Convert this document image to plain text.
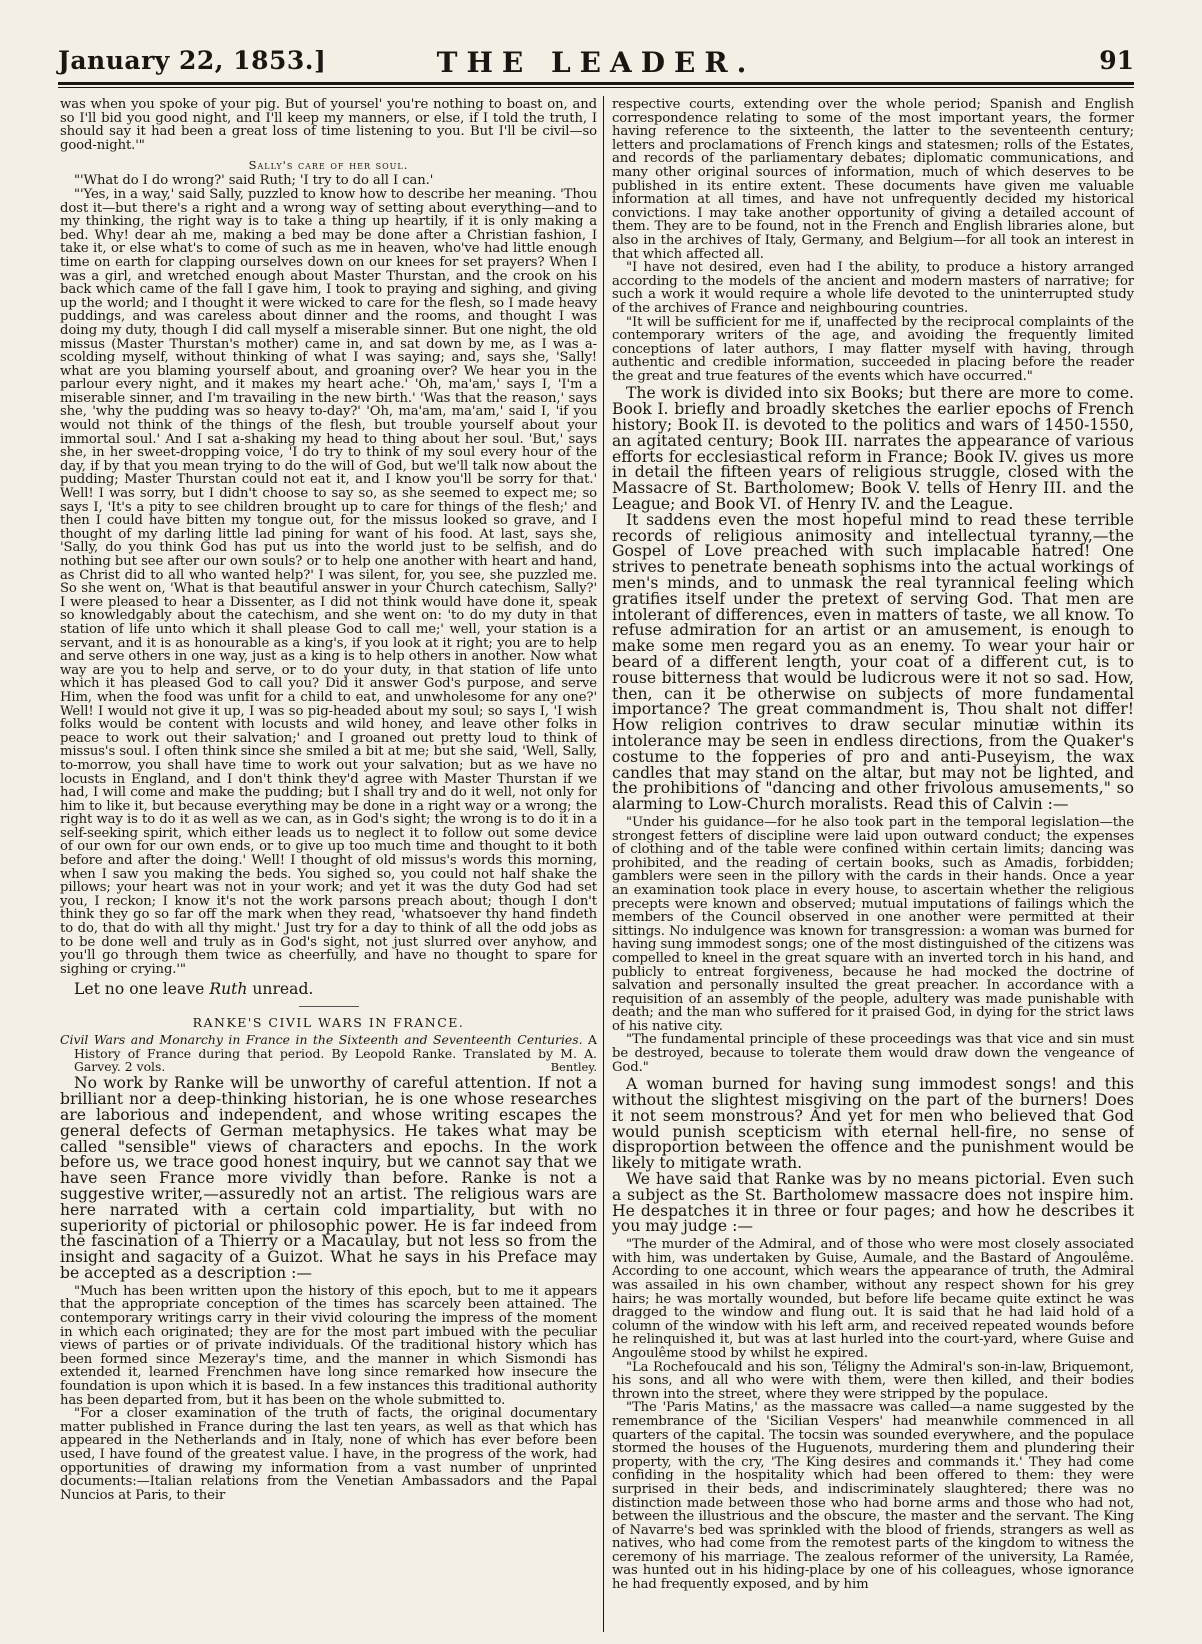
January 22, 1853.]	THE LEADER.	91

was when you spoke of your pig. But of yoursel' you're nothing to boast on, and so I'll bid you good night, and I'll keep my manners, or else, if I told the truth, I should say it had been a great loss of time listening to you. But I'll be civil—so good-night.'"

Sally's care of her soul.

"'What do I do wrong?' said Ruth; 'I try to do all I can.'

"'Yes, in a way,' said Sally, puzzled to know how to describe her meaning. 'Thou dost it—but there's a right and a wrong way of setting about everything—and to my thinking, the right way is to take a thing up heartily, if it is only making a bed. Why! dear ah me, making a bed may be done after a Christian fashion, I take it, or else what's to come of such as me in heaven, who've had little enough time on earth for clapping ourselves down on our knees for set prayers? When I was a girl, and wretched enough about Master Thurstan, and the crook on his back which came of the fall I gave him, I took to praying and sighing, and giving up the world; and I thought it were wicked to care for the flesh, so I made heavy puddings, and was careless about dinner and the rooms, and thought I was doing my duty, though I did call myself a miserable sinner. But one night, the old missus (Master Thurstan's mother) came in, and sat down by me, as I was a-scolding myself, without thinking of what I was saying; and, says she, 'Sally! what are you blaming yourself about, and groaning over? We hear you in the parlour every night, and it makes my heart ache.' 'Oh, ma'am,' says I, 'I'm a miserable sinner, and I'm travailing in the new birth.' 'Was that the reason,' says she, 'why the pudding was so heavy to-day?' 'Oh, ma'am, ma'am,' said I, 'if you would not think of the things of the flesh, but trouble yourself about your immortal soul.' And I sat a-shaking my head to thing about her soul. 'But,' says she, in her sweet-dropping voice, 'I do try to think of my soul every hour of the day, if by that you mean trying to do the will of God, but we'll talk now about the pudding; Master Thurstan could not eat it, and I know you'll be sorry for that.' Well! I was sorry, but I didn't choose to say so, as she seemed to expect me; so says I, 'It's a pity to see children brought up to care for things of the flesh;' and then I could have bitten my tongue out, for the missus looked so grave, and I thought of my darling little lad pining for want of his food. At last, says she, 'Sally, do you think God has put us into the world just to be selfish, and do nothing but see after our own souls? or to help one another with heart and hand, as Christ did to all who wanted help?' I was silent, for, you see, she puzzled me. So she went on, 'What is that beautiful answer in your Church catechism, Sally?' I were pleased to hear a Dissenter, as I did not think would have done it, speak so knowledgably about the catechism, and she went on: 'to do my duty in that station of life unto which it shall please God to call me;' well, your station is a servant, and it is as honourable as a king's, if you look at it right; you are to help and serve others in one way, just as a king is to help others in another. Now what way are you to help and serve, or to do your duty, in that station of life unto which it has pleased God to call you? Did it answer God's purpose, and serve Him, when the food was unfit for a child to eat, and unwholesome for any one?' Well! I would not give it up, I was so pig-headed about my soul; so says I, 'I wish folks would be content with locusts and wild honey, and leave other folks in peace to work out their salvation;' and I groaned out pretty loud to think of missus's soul. I often think since she smiled a bit at me; but she said, 'Well, Sally, to-morrow, you shall have time to work out your salvation; but as we have no locusts in England, and I don't think they'd agree with Master Thurstan if we had, I will come and make the pudding; but I shall try and do it well, not only for him to like it, but because everything may be done in a right way or a wrong; the right way is to do it as well as we can, as in God's sight; the wrong is to do it in a self-seeking spirit, which either leads us to neglect it to follow out some device of our own for our own ends, or to give up too much time and thought to it both before and after the doing.' Well! I thought of old missus's words this morning, when I saw you making the beds. You sighed so, you could not half shake the pillows; your heart was not in your work; and yet it was the duty God had set you, I reckon; I know it's not the work parsons preach about; though I don't think they go so far off the mark when they read, 'whatsoever thy hand findeth to do, that do with all thy might.' Just try for a day to think of all the odd jobs as to be done well and truly as in God's sight, not just slurred over anyhow, and you'll go through them twice as cheerfully, and have no thought to spare for sighing or crying.'"

Let no one leave Ruth unread.

RANKE'S CIVIL WARS IN FRANCE.

Civil Wars and Monarchy in France in the Sixteenth and Seventeenth Centuries. A History of France during that period. By Leopold Ranke. Translated by M. A. Garvey. 2 vols.	Bentley.

No work by Ranke will be unworthy of careful attention. If not a brilliant nor a deep-thinking historian, he is one whose researches are laborious and independent, and whose writing escapes the general defects of German metaphysics. He takes what may be called "sensible" views of characters and epochs. In the work before us, we trace good honest inquiry, but we cannot say that we have seen France more vividly than before. Ranke is not a suggestive writer,—assuredly not an artist. The religious wars are here narrated with a certain cold impartiality, but with no superiority of pictorial or philosophic power. He is far indeed from the fascination of a Thierry or a Macaulay, but not less so from the insight and sagacity of a Guizot. What he says in his Preface may be accepted as a description :—

"Much has been written upon the history of this epoch, but to me it appears that the appropriate conception of the times has scarcely been attained. The contemporary writings carry in their vivid colouring the impress of the moment in which each originated; they are for the most part imbued with the peculiar views of parties or of private individuals. Of the traditional history which has been formed since Mezeray's time, and the manner in which Sismondi has extended it, learned Frenchmen have long since remarked how insecure the foundation is upon which it is based. In a few instances this traditional authority has been departed from, but it has been on the whole submitted to.

"For a closer examination of the truth of facts, the original documentary matter published in France during the last ten years, as well as that which has appeared in the Netherlands and in Italy, none of which has ever before been used, I have found of the greatest value. I have, in the progress of the work, had opportunities of drawing my information from a vast number of unprinted documents:—Italian relations from the Venetian Ambassadors and the Papal Nuncios at Paris, to their

respective courts, extending over the whole period; Spanish and English correspondence relating to some of the most important years, the former having reference to the sixteenth, the latter to the seventeenth century; letters and proclamations of French kings and statesmen; rolls of the Estates, and records of the parliamentary debates; diplomatic communications, and many other original sources of information, much of which deserves to be published in its entire extent. These documents have given me valuable information at all times, and have not unfrequently decided my historical convictions. I may take another opportunity of giving a detailed account of them. They are to be found, not in the French and English libraries alone, but also in the archives of Italy, Germany, and Belgium—for all took an interest in that which affected all.

"I have not desired, even had I the ability, to produce a history arranged according to the models of the ancient and modern masters of narrative; for such a work it would require a whole life devoted to the uninterrupted study of the archives of France and neighbouring countries.

"It will be sufficient for me if, unaffected by the reciprocal complaints of the contemporary writers of the age, and avoiding the frequently limited conceptions of later authors, I may flatter myself with having, through authentic and credible information, succeeded in placing before the reader the great and true features of the events which have occurred."

The work is divided into six Books; but there are more to come. Book I. briefly and broadly sketches the earlier epochs of French history; Book II. is devoted to the politics and wars of 1450-1550, an agitated century; Book III. narrates the appearance of various efforts for ecclesiastical reform in France; Book IV. gives us more in detail the fifteen years of religious struggle, closed with the Massacre of St. Bartholomew; Book V. tells of Henry III. and the League; and Book VI. of Henry IV. and the League.

It saddens even the most hopeful mind to read these terrible records of religious animosity and intellectual tyranny,—the Gospel of Love preached with such implacable hatred! One strives to penetrate beneath sophisms into the actual workings of men's minds, and to unmask the real tyrannical feeling which gratifies itself under the pretext of serving God. That men are intolerant of differences, even in matters of taste, we all know. To refuse admiration for an artist or an amusement, is enough to make some men regard you as an enemy. To wear your hair or beard of a different length, your coat of a different cut, is to rouse bitterness that would be ludicrous were it not so sad. How, then, can it be otherwise on subjects of more fundamental importance? The great commandment is, Thou shalt not differ! How religion contrives to draw secular minutiæ within its intolerance may be seen in endless directions, from the Quaker's costume to the fopperies of pro and anti-Puseyism, the wax candles that may stand on the altar, but may not be lighted, and the prohibitions of "dancing and other frivolous amusements," so alarming to Low-Church moralists. Read this of Calvin :—

"Under his guidance—for he also took part in the temporal legislation—the strongest fetters of discipline were laid upon outward conduct; the expenses of clothing and of the table were confined within certain limits; dancing was prohibited, and the reading of certain books, such as Amadis, forbidden; gamblers were seen in the pillory with the cards in their hands. Once a year an examination took place in every house, to ascertain whether the religious precepts were known and observed; mutual imputations of failings which the members of the Council observed in one another were permitted at their sittings. No indulgence was known for transgression: a woman was burned for having sung immodest songs; one of the most distinguished of the citizens was compelled to kneel in the great square with an inverted torch in his hand, and publicly to entreat forgiveness, because he had mocked the doctrine of salvation and personally insulted the great preacher. In accordance with a requisition of an assembly of the people, adultery was made punishable with death; and the man who suffered for it praised God, in dying for the strict laws of his native city.

"The fundamental principle of these proceedings was that vice and sin must be destroyed, because to tolerate them would draw down the vengeance of God."

A woman burned for having sung immodest songs! and this without the slightest misgiving on the part of the burners! Does it not seem monstrous? And yet for men who believed that God would punish scepticism with eternal hell-fire, no sense of disproportion between the offence and the punishment would be likely to mitigate wrath.

We have said that Ranke was by no means pictorial. Even such a subject as the St. Bartholomew massacre does not inspire him. He despatches it in three or four pages; and how he describes it you may judge :—

"The murder of the Admiral, and of those who were most closely associated with him, was undertaken by Guise, Aumale, and the Bastard of Angoulême. According to one account, which wears the appearance of truth, the Admiral was assailed in his own chamber, without any respect shown for his grey hairs; he was mortally wounded, but before life became quite extinct he was dragged to the window and flung out. It is said that he had laid hold of a column of the window with his left arm, and received repeated wounds before he relinquished it, but was at last hurled into the court-yard, where Guise and Angoulême stood by whilst he expired.

"La Rochefoucald and his son, Téligny the Admiral's son-in-law, Briquemont, his sons, and all who were with them, were then killed, and their bodies thrown into the street, where they were stripped by the populace.

"The 'Paris Matins,' as the massacre was called—a name suggested by the remembrance of the 'Sicilian Vespers' had meanwhile commenced in all quarters of the capital. The tocsin was sounded everywhere, and the populace stormed the houses of the Huguenots, murdering them and plundering their property, with the cry, 'The King desires and commands it.' They had come confiding in the hospitality which had been offered to them: they were surprised in their beds, and indiscriminately slaughtered; there was no distinction made between those who had borne arms and those who had not, between the illustrious and the obscure, the master and the servant. The King of Navarre's bed was sprinkled with the blood of friends, strangers as well as natives, who had come from the remotest parts of the kingdom to witness the ceremony of his marriage. The zealous reformer of the university, La Ramée, was hunted out in his hiding-place by one of his colleagues, whose ignorance he had frequently exposed, and by him
